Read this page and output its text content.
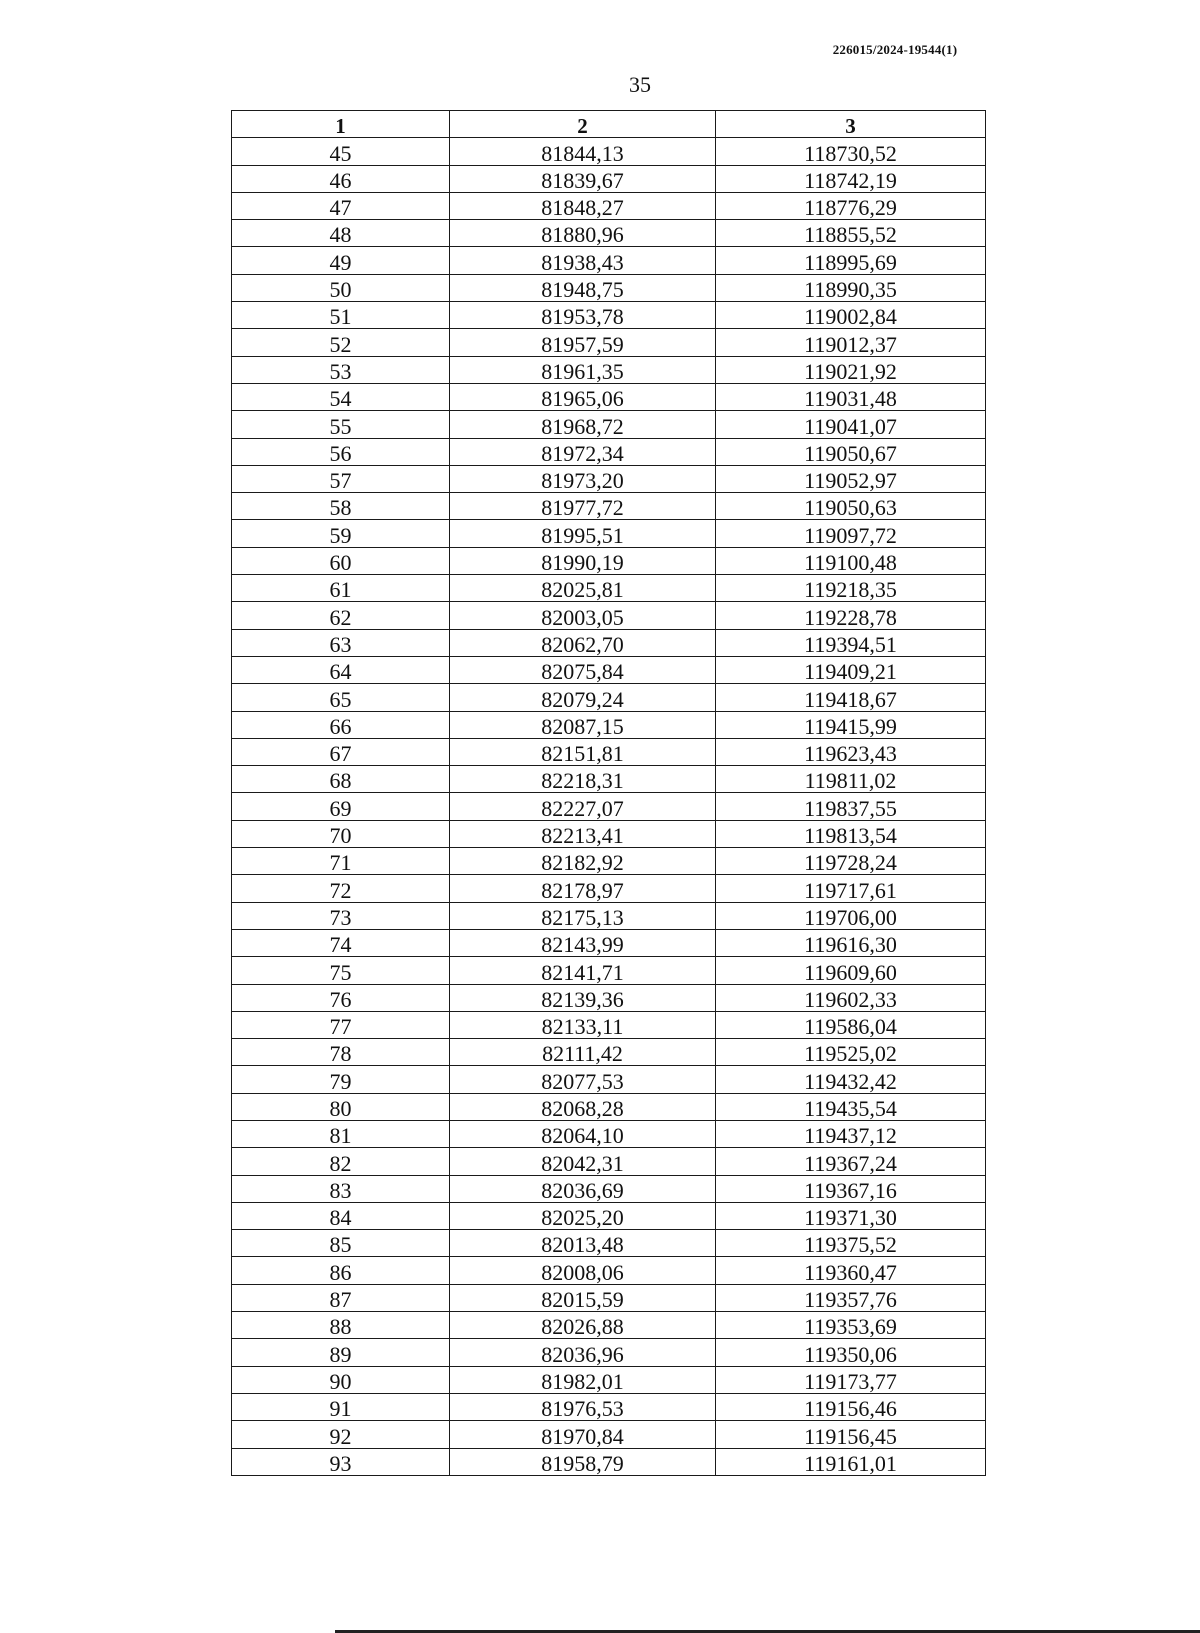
226015/2024-19544(1)
35
1	2	3
45	81844,13	118730,52
46	81839,67	118742,19
47	81848,27	118776,29
48	81880,96	118855,52
49	81938,43	118995,69
50	81948,75	118990,35
51	81953,78	119002,84
52	81957,59	119012,37
53	81961,35	119021,92
54	81965,06	119031,48
55	81968,72	119041,07
56	81972,34	119050,67
57	81973,20	119052,97
58	81977,72	119050,63
59	81995,51	119097,72
60	81990,19	119100,48
61	82025,81	119218,35
62	82003,05	119228,78
63	82062,70	119394,51
64	82075,84	119409,21
65	82079,24	119418,67
66	82087,15	119415,99
67	82151,81	119623,43
68	82218,31	119811,02
69	82227,07	119837,55
70	82213,41	119813,54
71	82182,92	119728,24
72	82178,97	119717,61
73	82175,13	119706,00
74	82143,99	119616,30
75	82141,71	119609,60
76	82139,36	119602,33
77	82133,11	119586,04
78	82111,42	119525,02
79	82077,53	119432,42
80	82068,28	119435,54
81	82064,10	119437,12
82	82042,31	119367,24
83	82036,69	119367,16
84	82025,20	119371,30
85	82013,48	119375,52
86	82008,06	119360,47
87	82015,59	119357,76
88	82026,88	119353,69
89	82036,96	119350,06
90	81982,01	119173,77
91	81976,53	119156,46
92	81970,84	119156,45
93	81958,79	119161,01
